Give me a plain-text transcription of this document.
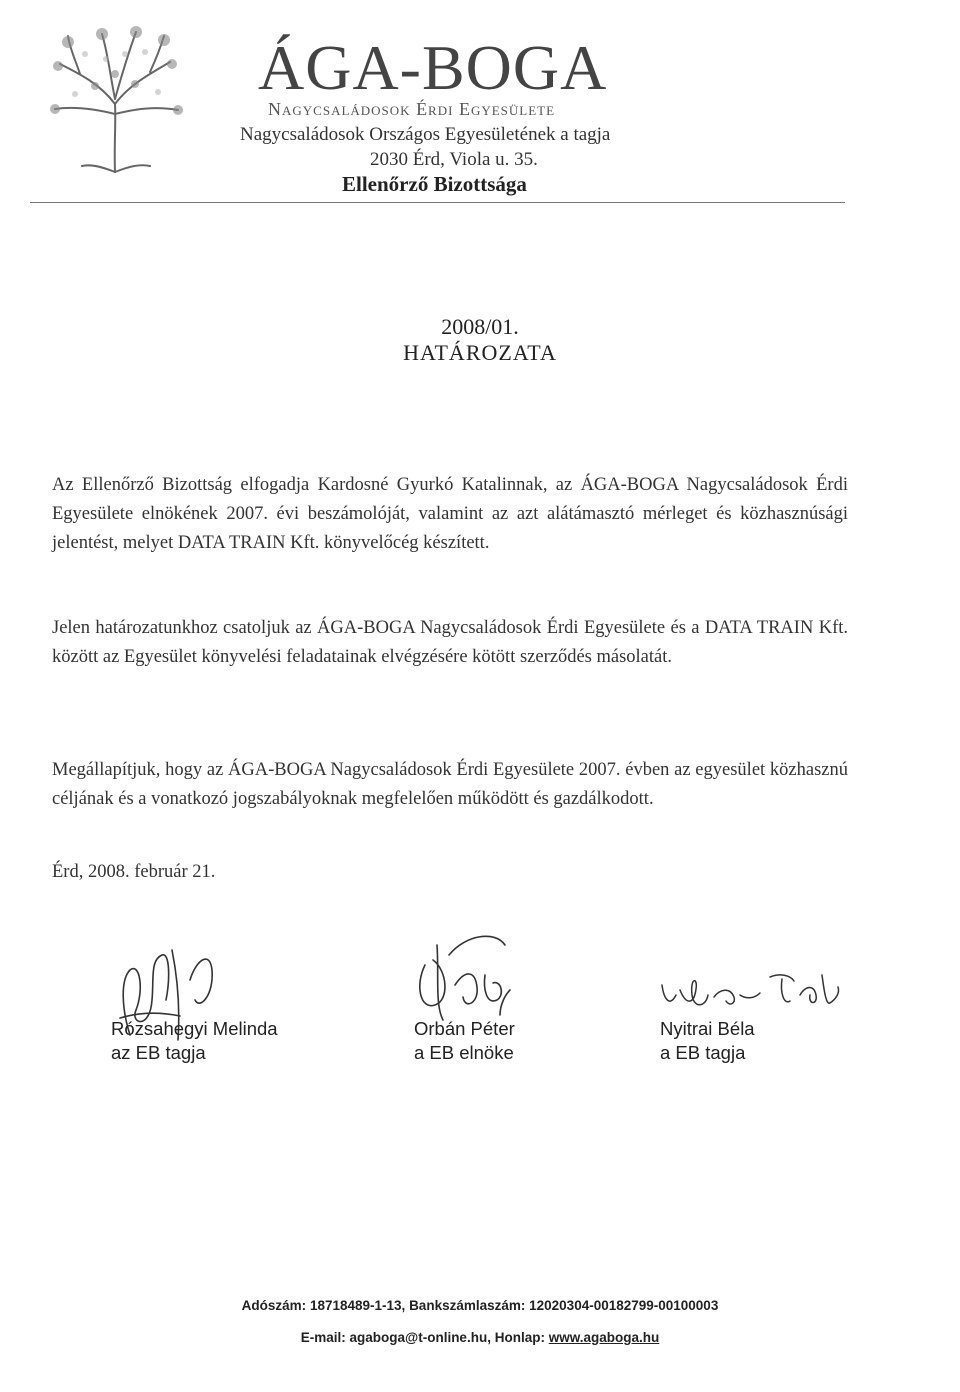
ÁGA-BOGA
Nagycsaládosok Érdi Egyesülete
Nagycsaládosok Országos Egyesületének a tagja
2030 Érd, Viola u. 35.
Ellenőrző Bizottsága
2008/01.
HATÁROZATA
Az Ellenőrző Bizottság elfogadja Kardosné Gyurkó Katalinnak, az ÁGA-BOGA Nagycsaládosok Érdi Egyesülete elnökének 2007. évi beszámolóját, valamint az azt alátámasztó mérleget és közhasznúsági jelentést, melyet DATA TRAIN Kft. könyvelőcég készített.
Jelen határozatunkhoz csatoljuk az ÁGA-BOGA Nagycsaládosok Érdi Egyesülete és a DATA TRAIN Kft. között az Egyesület könyvelési feladatainak elvégzésére kötött szerződés másolatát.
Megállapítjuk, hogy az ÁGA-BOGA Nagycsaládosok Érdi Egyesülete 2007. évben az egyesület közhasznú céljának és a vonatkozó jogszabályoknak megfelelően működött és gazdálkodott.
Érd, 2008. február 21.
Rózsahegyi Melinda
az EB tagja
Orbán Péter
a EB elnöke
Nyitrai Béla
a EB tagja
Adószám: 18718489-1-13, Bankszámlaszám: 12020304-00182799-00100003
E-mail: agaboga@t-online.hu, Honlap: www.agaboga.hu
